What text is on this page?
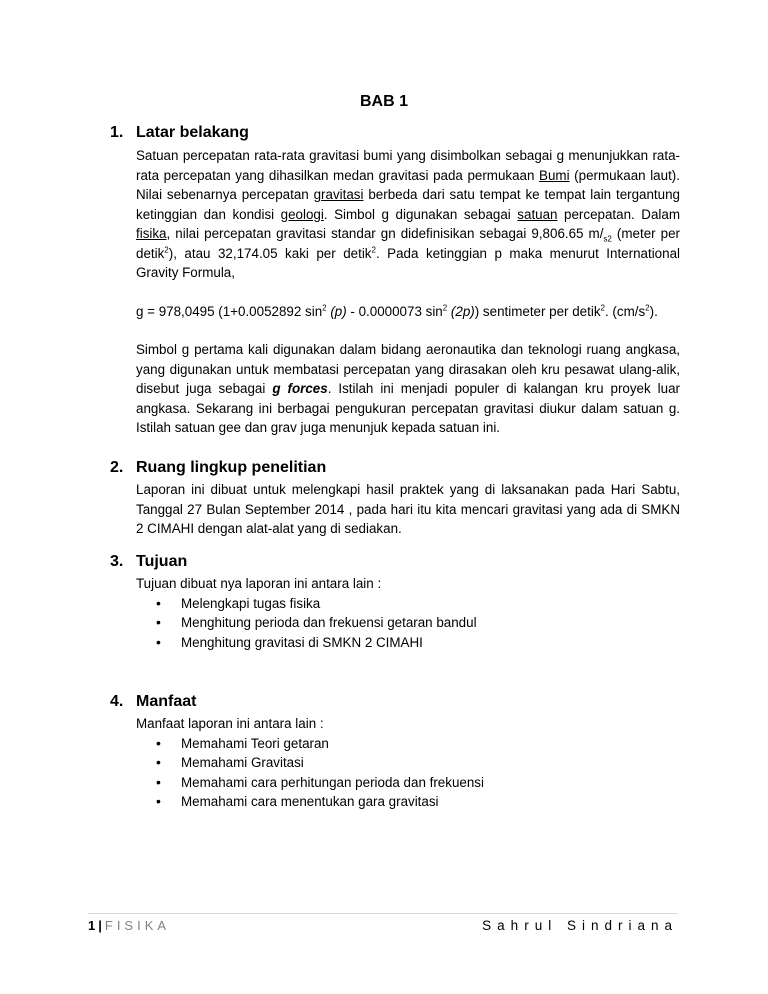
BAB 1
1. Latar belakang
Satuan percepatan rata-rata gravitasi bumi yang disimbolkan sebagai g menunjukkan rata-rata percepatan yang dihasilkan medan gravitasi pada permukaan Bumi (permukaan laut). Nilai sebenarnya percepatan gravitasi berbeda dari satu tempat ke tempat lain tergantung ketinggian dan kondisi geologi. Simbol g digunakan sebagai satuan percepatan. Dalam fisika, nilai percepatan gravitasi standar gn didefinisikan sebagai 9,806.65 $m/_{s2}$ (meter per detik$^2$), atau 32,174.05 kaki per detik$^2$. Pada ketinggian p maka menurut International Gravity Formula,
g = 978,0495 (1+0.0052892 $\sin^2 (p) - 0.0000073$ $\sin^2 (2p)$) sentimeter per detik$^2$. $(cm/s^2)$.
Simbol g pertama kali digunakan dalam bidang aeronautika dan teknologi ruang angkasa, yang digunakan untuk membatasi percepatan yang dirasakan oleh kru pesawat ulang-alik, disebut juga sebagai g forces. Istilah ini menjadi populer di kalangan kru proyek luar angkasa. Sekarang ini berbagai pengukuran percepatan gravitasi diukur dalam satuan g. Istilah satuan gee dan grav juga menunjuk kepada satuan ini.
2. Ruang lingkup penelitian
Laporan ini dibuat untuk melengkapi hasil praktek yang di laksanakan pada Hari Sabtu, Tanggal 27 Bulan September 2014 , pada hari itu kita mencari gravitasi yang ada di SMKN 2 CIMAHI dengan alat-alat yang di sediakan.
3. Tujuan
Tujuan dibuat nya laporan ini antara lain :
• Melengkapi tugas fisika
• Menghitung perioda dan frekuensi getaran bandul
• Menghitung gravitasi di SMKN 2 CIMAHI
4. Manfaat
Manfaat laporan ini antara lain :
• Memahami Teori getaran
• Memahami Gravitasi
• Memahami cara perhitungan perioda dan frekuensi
• Memahami cara menentukan gara gravitasi
1 | FISIKA	Sahrul Sindriana
